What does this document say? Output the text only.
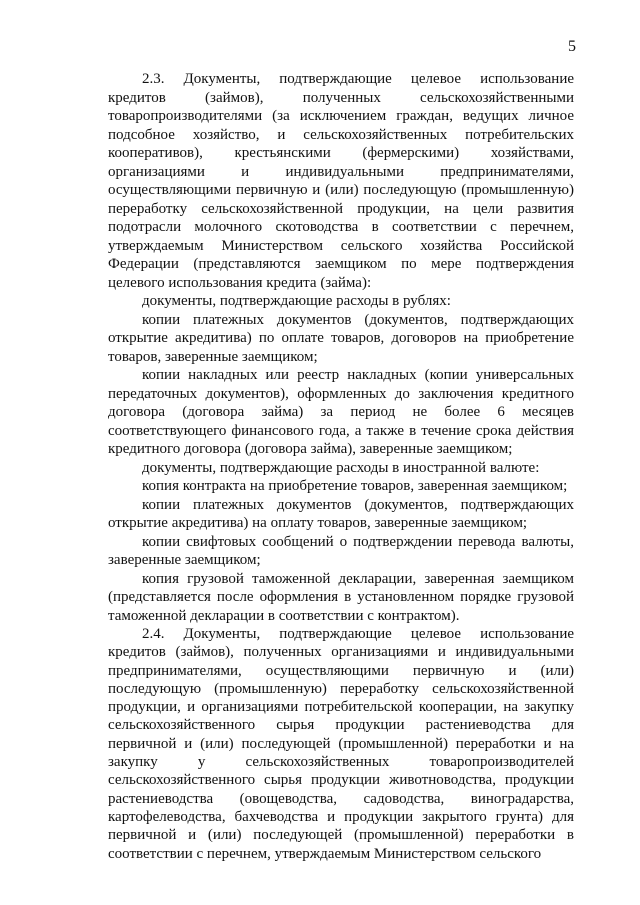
5

2.3. Документы, подтверждающие целевое использование кредитов (займов), полученных сельскохозяйственными товаропроизводителями (за исключением граждан, ведущих личное подсобное хозяйство, и сельскохозяйственных потребительских кооперативов), крестьянскими (фермерскими) хозяйствами, организациями и индивидуальными предпринимателями, осуществляющими первичную и (или) последующую (промышленную) переработку сельскохозяйственной продукции, на цели развития подотрасли молочного скотоводства в соответствии с перечнем, утверждаемым Министерством сельского хозяйства Российской Федерации (представляются заемщиком по мере подтверждения целевого использования кредита (займа):

документы, подтверждающие расходы в рублях:

копии платежных документов (документов, подтверждающих открытие акредитива) по оплате товаров, договоров на приобретение товаров, заверенные заемщиком;

копии накладных или реестр накладных (копии универсальных передаточных документов), оформленных до заключения кредитного договора (договора займа) за период не более 6 месяцев соответствующего финансового года, а также в течение срока действия кредитного договора (договора займа), заверенные заемщиком;

документы, подтверждающие расходы в иностранной валюте:

копия контракта на приобретение товаров, заверенная заемщиком;

копии платежных документов (документов, подтверждающих открытие акредитива) на оплату товаров, заверенные заемщиком;

копии свифтовых сообщений о подтверждении перевода валюты, заверенные заемщиком;

копия грузовой таможенной декларации, заверенная заемщиком (представляется после оформления в установленном порядке грузовой таможенной декларации в соответствии с контрактом).

2.4. Документы, подтверждающие целевое использование кредитов (займов), полученных организациями и индивидуальными предпринимателями, осуществляющими первичную и (или) последующую (промышленную) переработку сельскохозяйственной продукции, и организациями потребительской кооперации, на закупку сельскохозяйственного сырья продукции растениеводства для первичной и (или) последующей (промышленной) переработки и на закупку у сельскохозяйственных товаропроизводителей сельскохозяйственного сырья продукции животноводства, продукции растениеводства (овощеводства, садоводства, виноградарства, картофелеводства, бахчеводства и продукции закрытого грунта) для первичной и (или) последующей (промышленной) переработки в соответствии с перечнем, утверждаемым Министерством сельского
